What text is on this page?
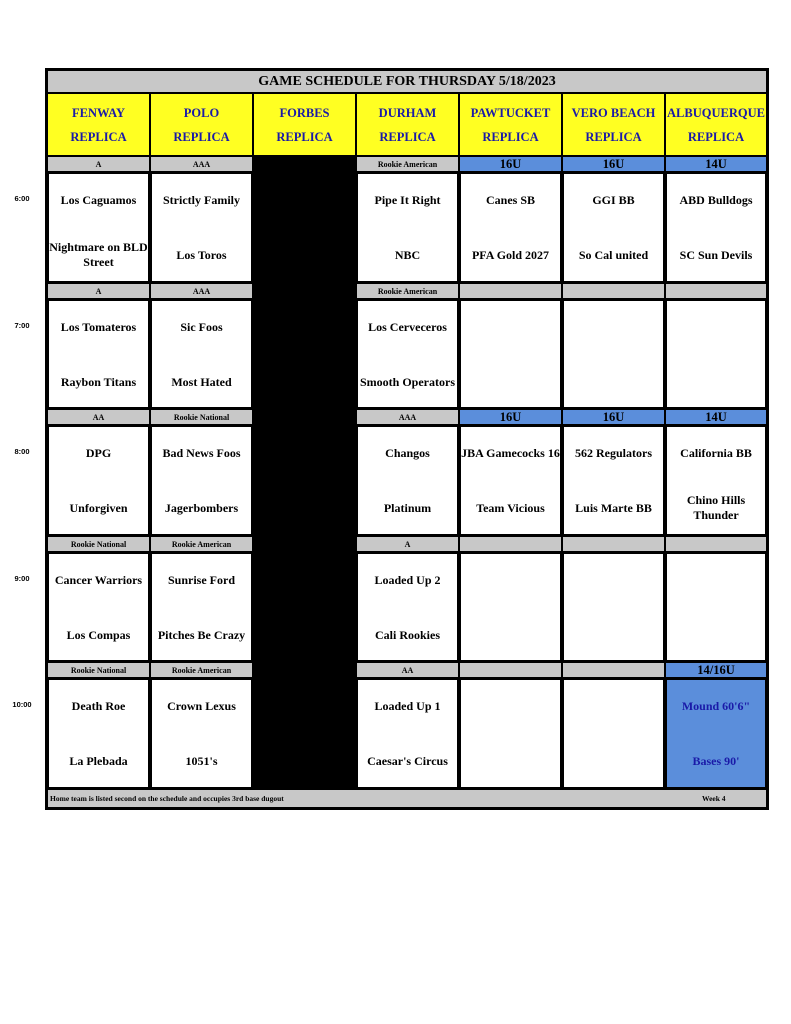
GAME SCHEDULE FOR THURSDAY 5/18/2023
FENWAY
REPLICA
POLO
REPLICA
FORBES
REPLICA
DURHAM
REPLICA
PAWTUCKET
REPLICA
VERO BEACH
REPLICA
ALBUQUERQUE
REPLICA
A
Los Caguamos
Nightmare on BLD Street
AAA
Strictly Family
Los Toros
Rookie American
Pipe It Right
NBC
16U
Canes SB
PFA Gold 2027
16U
GGI BB
So Cal united
14U
ABD Bulldogs
SC Sun Devils
A
Los Tomateros
Raybon Titans
AAA
Sic Foos
Most Hated
Rookie American
Los Cerveceros
Smooth Operators
AA
DPG
Unforgiven
Rookie National
Bad News Foos
Jagerbombers
AAA
Changos
Platinum
16U
JBA Gamecocks 16
Team Vicious
16U
562 Regulators
Luis Marte BB
14U
California BB
Chino Hills Thunder
Rookie National
Cancer Warriors
Los Compas
Rookie American
Sunrise Ford
Pitches Be Crazy
A
Loaded Up 2
Cali Rookies
Rookie National
Death Roe
La Plebada
Rookie American
Crown Lexus
1051's
AA
Loaded Up 1
Caesar's Circus
14/16U
Mound 60'6"
Bases 90'
Home team is listed second on the schedule and occupies 3rd base dugout	Week 4
6:00
7:00
8:00
9:00
10:00
